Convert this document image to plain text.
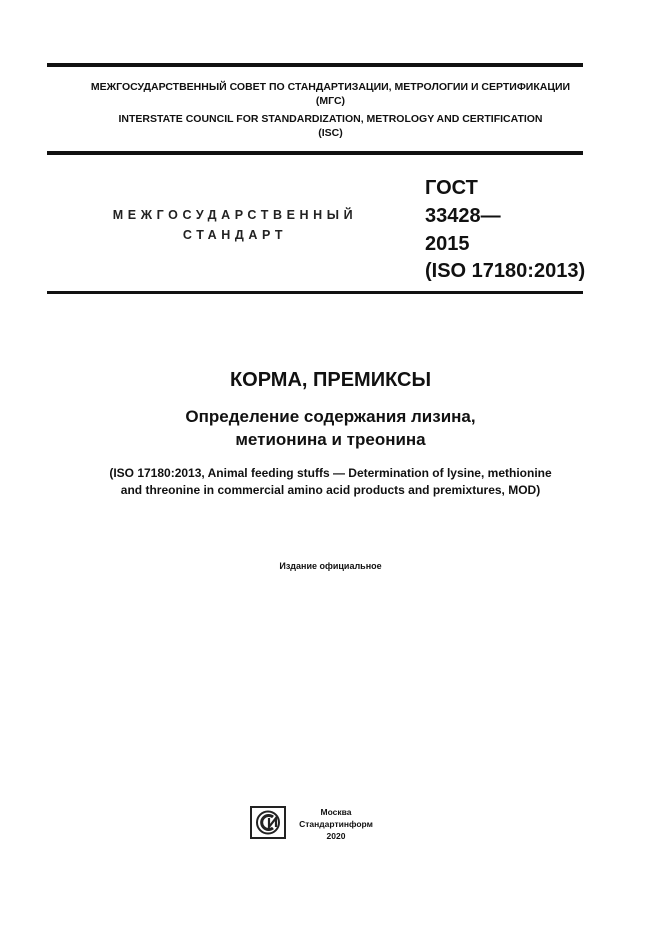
МЕЖГОСУДАРСТВЕННЫЙ СОВЕТ ПО СТАНДАРТИЗАЦИИ, МЕТРОЛОГИИ И СЕРТИФИКАЦИИ
(МГС)
INTERSTATE COUNCIL FOR STANDARDIZATION, METROLOGY AND CERTIFICATION
(ISC)
МЕЖГОСУДАРСТВЕННЫЙ
СТАНДАРТ
ГОСТ
33428—
2015
(ISO 17180:2013)
КОРМА, ПРЕМИКСЫ
Определение содержания лизина,
метионина и треонина
(ISO 17180:2013, Animal feeding stuffs — Determination of lysine, methionine
and threonine in commercial amino acid products and premixtures, MOD)
Издание официальное
Москва
Стандартинформ
2020
